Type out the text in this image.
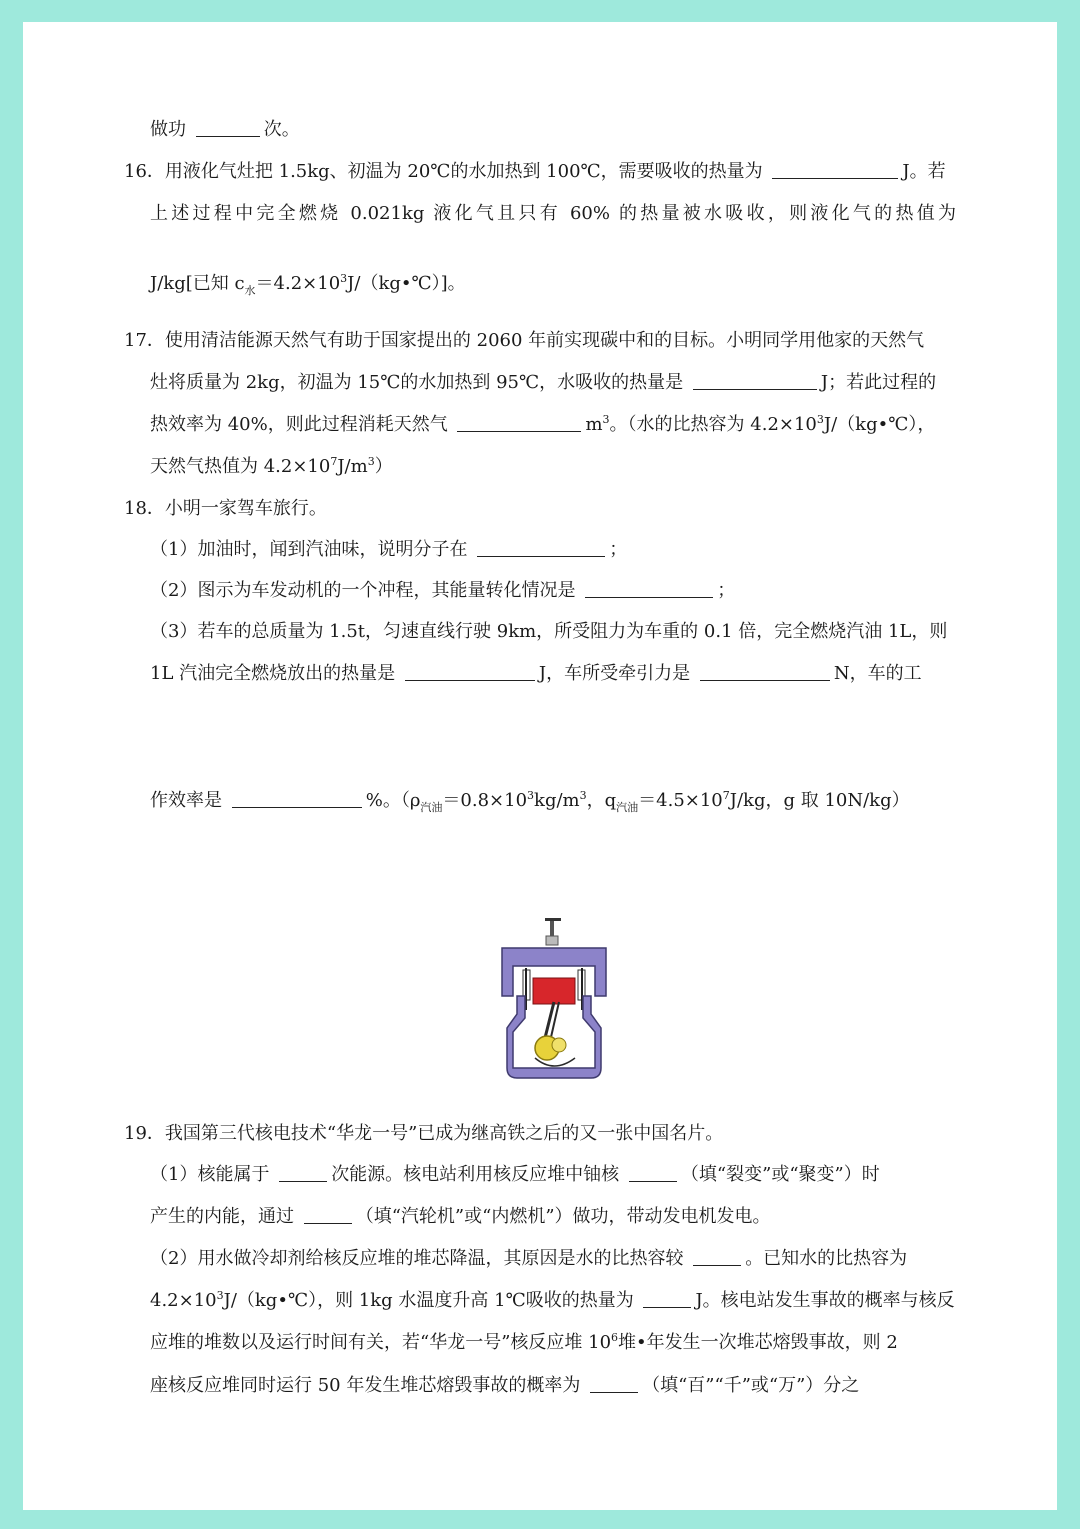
做功	次。
16．用液化气灶把 1.5kg、初温为 20℃的水加热到 100℃，需要吸收的热量为	J。若
上述过程中完全燃烧 0.021kg 液化气且只有 60% 的热量被水吸收，则液化气的热值为
J/kg[已知 $c_水=4.2\times 10^3J/(kg•℃)$]。
17．使用清洁能源天然气有助于国家提出的 2060 年前实现碳中和的目标。小明同学用他家的天然气
灶将质量为 2kg，初温为 15℃的水加热到 95℃，水吸收的热量是	J；若此过程的
热效率为 40%，则此过程消耗天然气	$m^3$。（水的比热容为 $4.2\times 10^3J/(kg•℃)$，
天然气热值为 $4.2\times 10^7J/m^3$）
18．小明一家驾车旅行。
（1）加油时，闻到汽油味，说明分子在	；
（2）图示为车发动机的一个冲程，其能量转化情况是	；
（3）若车的总质量为 1.5t，匀速直线行驶 9km，所受阻力为车重的 0.1 倍，完全燃烧汽油 1L，则
1L 汽油完全燃烧放出的热量是	J，车所受牵引力是	N，车的工
作效率是	%。（$\rho_{汽油}=0.8\times 10^3kg/m^3$，$q_{汽油}=4.5\times 10^7J/kg$，g 取 10N/kg）
19．我国第三代核电技术“华龙一号”已成为继高铁之后的又一张中国名片。
（1）核能属于	次能源。核电站利用核反应堆中铀核	（填“裂变”或“聚变”）时
产生的内能，通过	（填“汽轮机”或“内燃机”）做功，带动发电机发电。
（2）用水做冷却剂给核反应堆的堆芯降温，其原因是水的比热容较	。已知水的比热容为
$4.2\times 10^3J/(kg•℃)$，则 1kg 水温度升高 1℃吸收的热量为	J。核电站发生事故的概率与核反
应堆的堆数以及运行时间有关，若“华龙一号”核反应堆 $10^6$堆•年发生一次堆芯熔毁事故，则 2
座核反应堆同时运行 50 年发生堆芯熔毁事故的概率为	（填“百”“千”或“万”）分之
